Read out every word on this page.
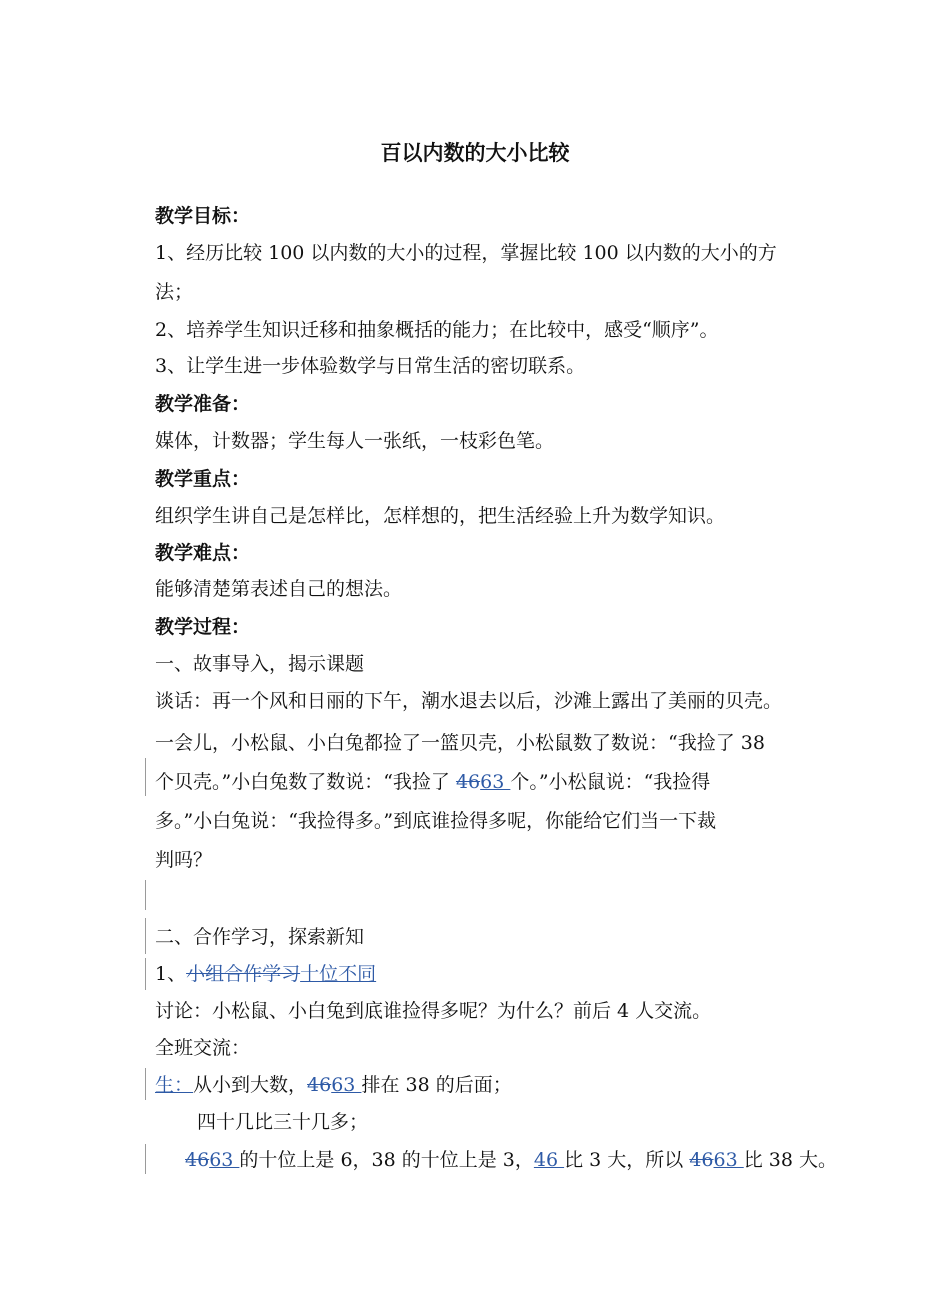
百以内数的大小比较
教学目标：
1、经历比较 100 以内数的大小的过程，掌握比较 100 以内数的大小的方
法；
2、培养学生知识迁移和抽象概括的能力；在比较中，感受“顺序”。
3、让学生进一步体验数学与日常生活的密切联系。
教学准备：
媒体，计数器；学生每人一张纸，一枝彩色笔。
教学重点：
组织学生讲自己是怎样比，怎样想的，把生活经验上升为数学知识。
教学难点：
能够清楚第表述自己的想法。
教学过程：
一、故事导入，揭示课题
谈话：再一个风和日丽的下午，潮水退去以后，沙滩上露出了美丽的贝壳。
一会儿，小松鼠、小白兔都捡了一篮贝壳，小松鼠数了数说：“我捡了 38
个贝壳。”小白兔数了数说：“我捡了 4663 个。”小松鼠说：“我捡得
多。”小白兔说：“我捡得多。”到底谁捡得多呢，你能给它们当一下裁
判吗？
二、合作学习，探索新知
1、小组合作学习十位不同
讨论：小松鼠、小白兔到底谁捡得多呢？为什么？前后 4 人交流。
全班交流：
生：从小到大数，4663 排在 38 的后面；
四十几比三十几多；
4663 的十位上是 6，38 的十位上是 3，46 比 3 大，所以 4663 比 38 大。
